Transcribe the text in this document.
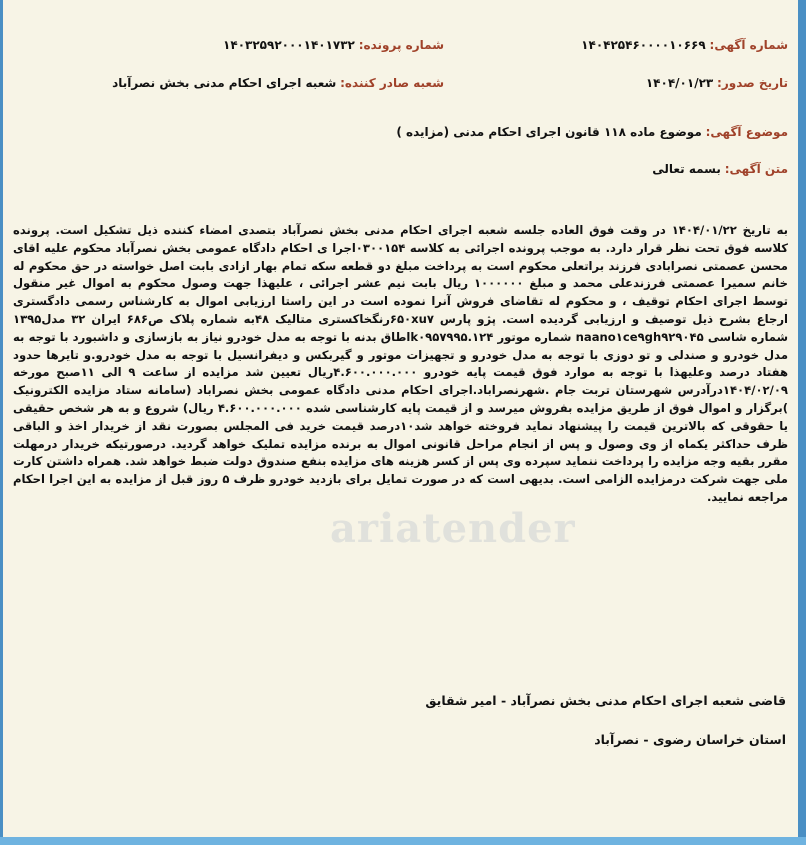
شماره آگهی: ۱۴۰۴۲۵۴۶۰۰۰۰۱۰۶۶۹
شماره پرونده: ۱۴۰۳۲۵۹۲۰۰۰۱۴۰۱۷۳۲
تاریخ صدور: ۱۴۰۴/۰۱/۲۳
شعبه صادر کننده: شعبه اجرای احکام مدنی بخش نصرآباد
موضوع آگهی: موضوع ماده ۱۱۸ قانون اجرای احکام مدنی (مزایده )
متن آگهی: بسمه تعالی
به تاریخ ۱۴۰۴/۰۱/۲۲ در وقت فوق العاده جلسه شعبه اجرای احکام مدنی بخش نصرآباد بتصدی امضاء کننده ذیل تشکیل است. پرونده کلاسه فوق تحت نظر قرار دارد. به موجب پرونده اجرائی به کلاسه ۰۳۰۰۱۵۴اجرا ی احکام دادگاه عمومی بخش نصرآباد محکوم علیه اقای محسن عصمتی نصرابادی فرزند براتعلی محکوم است به پرداخت مبلغ دو قطعه سکه تمام بهار ازادی بابت اصل خواسته در حق محکوم له خانم سمیرا عصمتی فرزندعلی محمد و مبلغ ۱۰۰۰۰۰۰ ریال بابت نیم عشر اجرائی ، علیهذا جهت وصول محکوم به اموال غیر منقول توسط اجرای احکام توقیف ، و محکوم له تقاضای فروش آنرا نموده است در این راستا ارزیابی اموال به کارشناس رسمی دادگستری ارجاع بشرح ذیل توصیف و ارزیابی گردیده است. پژو پارس ۶۵۰xu۷رنگخاکستری متالیک ۴۸به شماره پلاک ص۶۸۶ ایران ۳۲ مدل۱۳۹۵ شماره شاسی naano۱ce۹gh۹۲۹۰۴۵ شماره موتور k۰۹۵۷۹۹۵.۱۲۴اطاق بدنه با توجه به مدل خودرو نیاز به بازسازی و داشبورد با توجه به مدل خودرو و صندلی و تو دوزی با توجه به مدل خودرو و تجهیزات موتور و گیربکس و دیفرانسیل با توجه به مدل خودرو.و تایرها حدود هفتاد درصد وعلیهذا با توجه به موارد فوق قیمت پایه خودرو ۴.۶۰۰.۰۰۰.۰۰۰ریال تعیین شد مزایده از ساعت ۹ الی ۱۱صبح مورخه ۱۴۰۴/۰۲/۰۹درآدرس شهرستان تربت جام .شهرنصراباد.اجرای احکام مدنی دادگاه عمومی بخش نصراباد (سامانه ستاد مزایده الکترونیک )برگزار و اموال فوق از طریق مزایده بفروش میرسد و از قیمت پایه کارشناسی شده ۴.۶۰۰.۰۰۰.۰۰۰ ریال) شروع و به هر شخص حقیقی یا حقوقی که بالاترین قیمت را پیشنهاد نماید فروخته خواهد شد۱۰درصد قیمت خرید فی المجلس بصورت نقد از خریدار اخذ و الباقی ظرف حداکثر یکماه از وی وصول و پس از انجام مراحل قانونی اموال به برنده مزایده تملیک خواهد گردید. درصورتیکه خریدار درمهلت مقرر بقیه وجه مزایده را پرداخت ننماید سپرده وی پس از کسر هزینه های مزایده بنفع صندوق دولت ضبط خواهد شد. همراه داشتن کارت ملی جهت شرکت درمزایده الزامی است. بدیهی است که در صورت تمایل برای بازدید خودرو ظرف ۵ روز قبل از مزایده به این اجرا احکام مراجعه نمایید.
قاضی شعبه اجرای احکام مدنی بخش نصرآباد - امیر شقایق
استان خراسان رضوی - نصرآباد
ariatender
